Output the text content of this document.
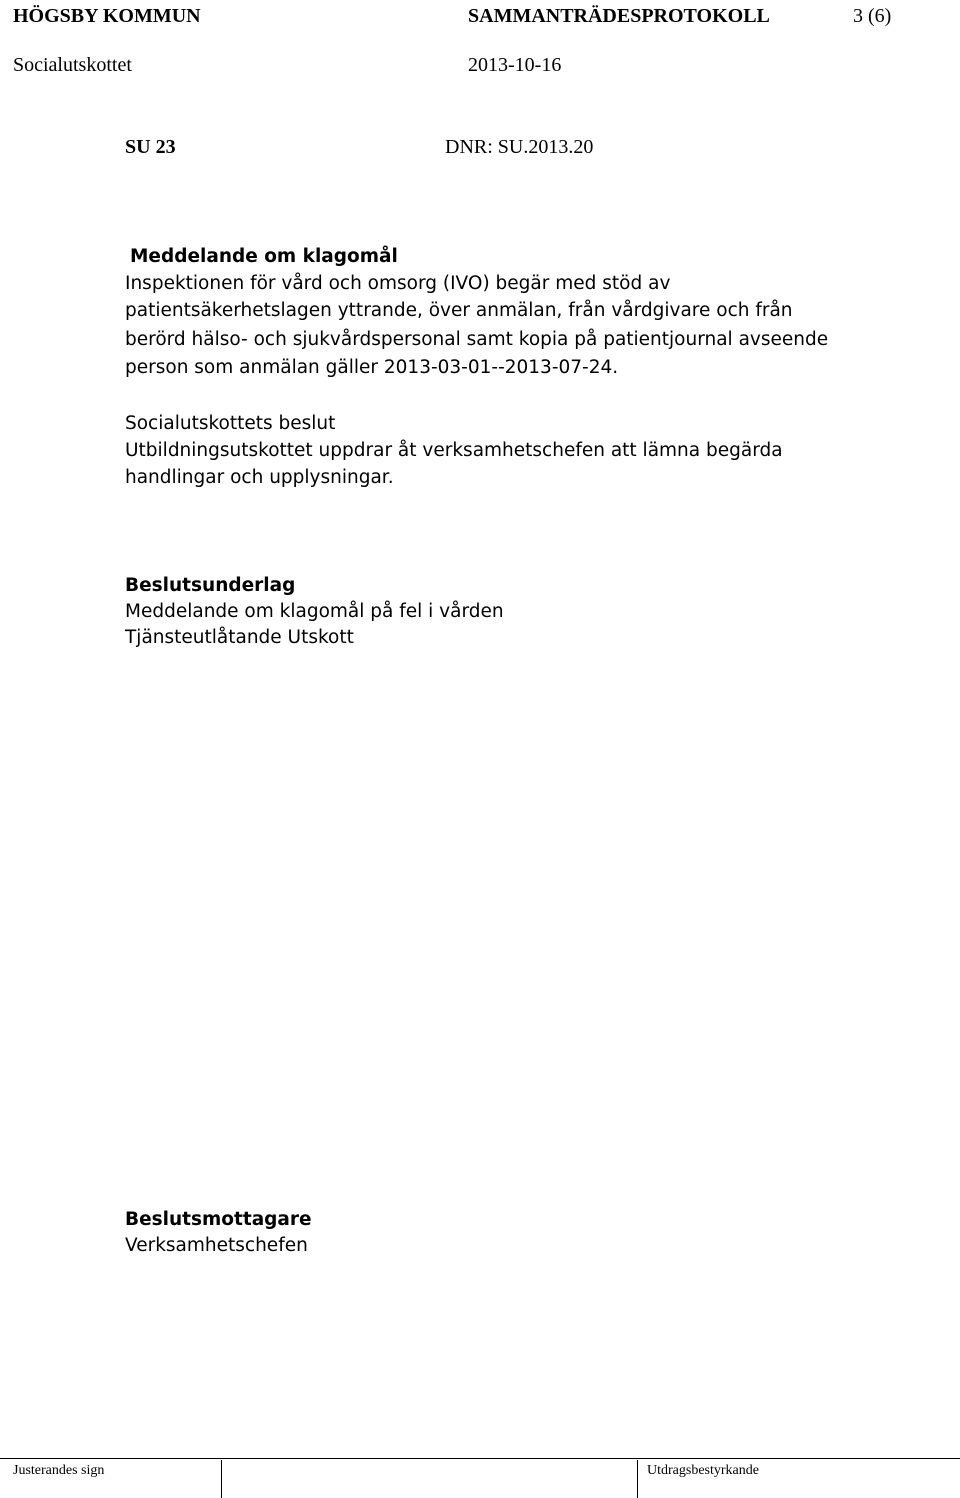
HÖGSBY KOMMUN	SAMMANTRÄDESPROTOKOLL	3 (6)
Socialutskottet	2013-10-16
SU 23	DNR: SU.2013.20
Meddelande om klagomål
Inspektionen för vård och omsorg (IVO) begär med stöd av
patientsäkerhetslagen yttrande, över anmälan, från vårdgivare och från
berörd hälso- och sjukvårdspersonal samt kopia på patientjournal avseende
person som anmälan gäller 2013-03-01--2013-07-24.
Socialutskottets beslut
Utbildningsutskottet uppdrar åt verksamhetschefen att lämna begärda
handlingar och upplysningar.
Beslutsunderlag
Meddelande om klagomål på fel i vården
Tjänsteutlåtande Utskott
Beslutsmottagare
Verksamhetschefen
Justerandes sign	Utdragsbestyrkande
